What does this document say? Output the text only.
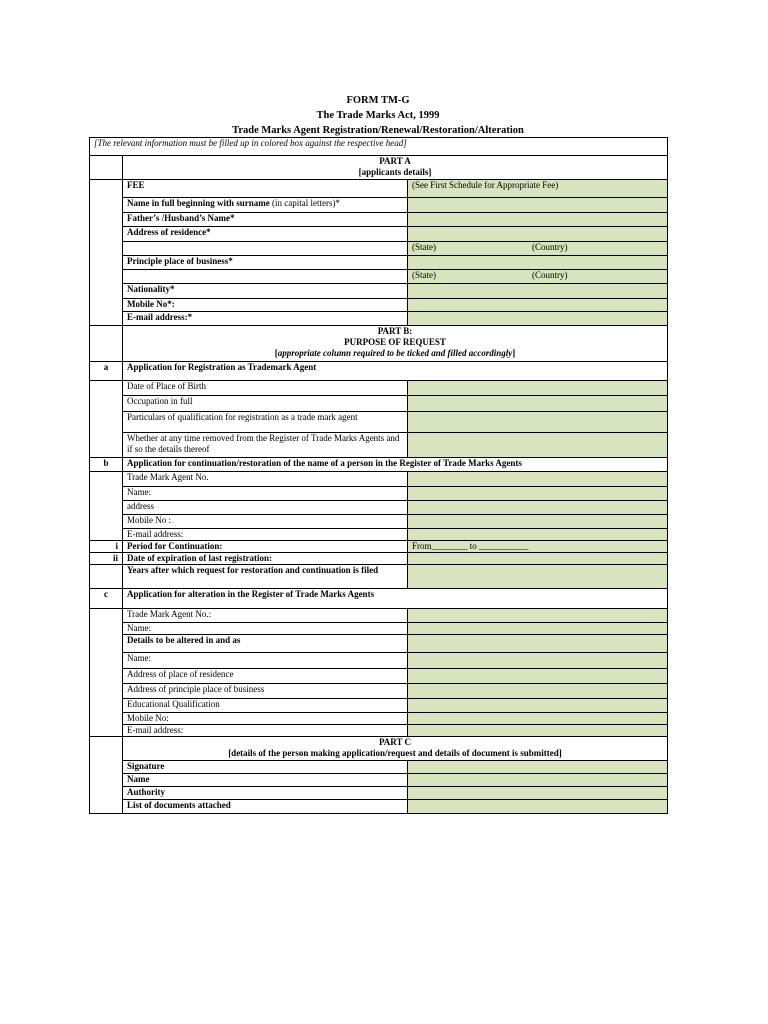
FORM TM-G
The Trade Marks Act, 1999
Trade Marks Agent Registration/Renewal/Restoration/Alteration
[The relevant information must be filled up in colored box against the respective head]		

	PART A
[applicants details]	

	FEE	(See First Schedule for Appropriate Fee)
	Name in full beginning with surname (in capital letters)*	
	Father’s /Husband’s Name*	
	Address of residence*	
		(State) (Country)
	Principle place of business*	
		(State) (Country)
	Nationality*	
	Mobile No*:	
	E-mail address:*	

	PART B:
PURPOSE OF REQUEST
[appropriate column required to be ticked and filled accordingly]	

a	Application for Registration as Trademark Agent	
	Date of Place of Birth	
	Occupation in full	
	Particulars of qualification for registration as a trade mark agent	
	Whether at any time removed from the Register of Trade Marks Agents and if so the details thereof	
b	Application for continuation/restoration of the name of a person in the Register of Trade Marks Agents	
	Trade Mark Agent No.	
	Name:	
	address	
	Mobile No :	
	E-mail address:	
i	Period for Continuation:	From________ to ___________
ii	Date of expiration of last registration:	
	Years after which request for restoration and continuation is filed	
c	Application for alteration in the Register of Trade Marks Agents	
	Trade Mark Agent No.:	
	Name:	
	Details to be altered in and as	
	Name:	
	Address of place of residence	
	Address of principle place of business	
	Educational Qualification	
	Mobile No:	
	E-mail address:	

	PART C
[details of the person making application/request and details of document is submitted]	

	Signature	
	Name	
	Authority	
	List of documents attached	
